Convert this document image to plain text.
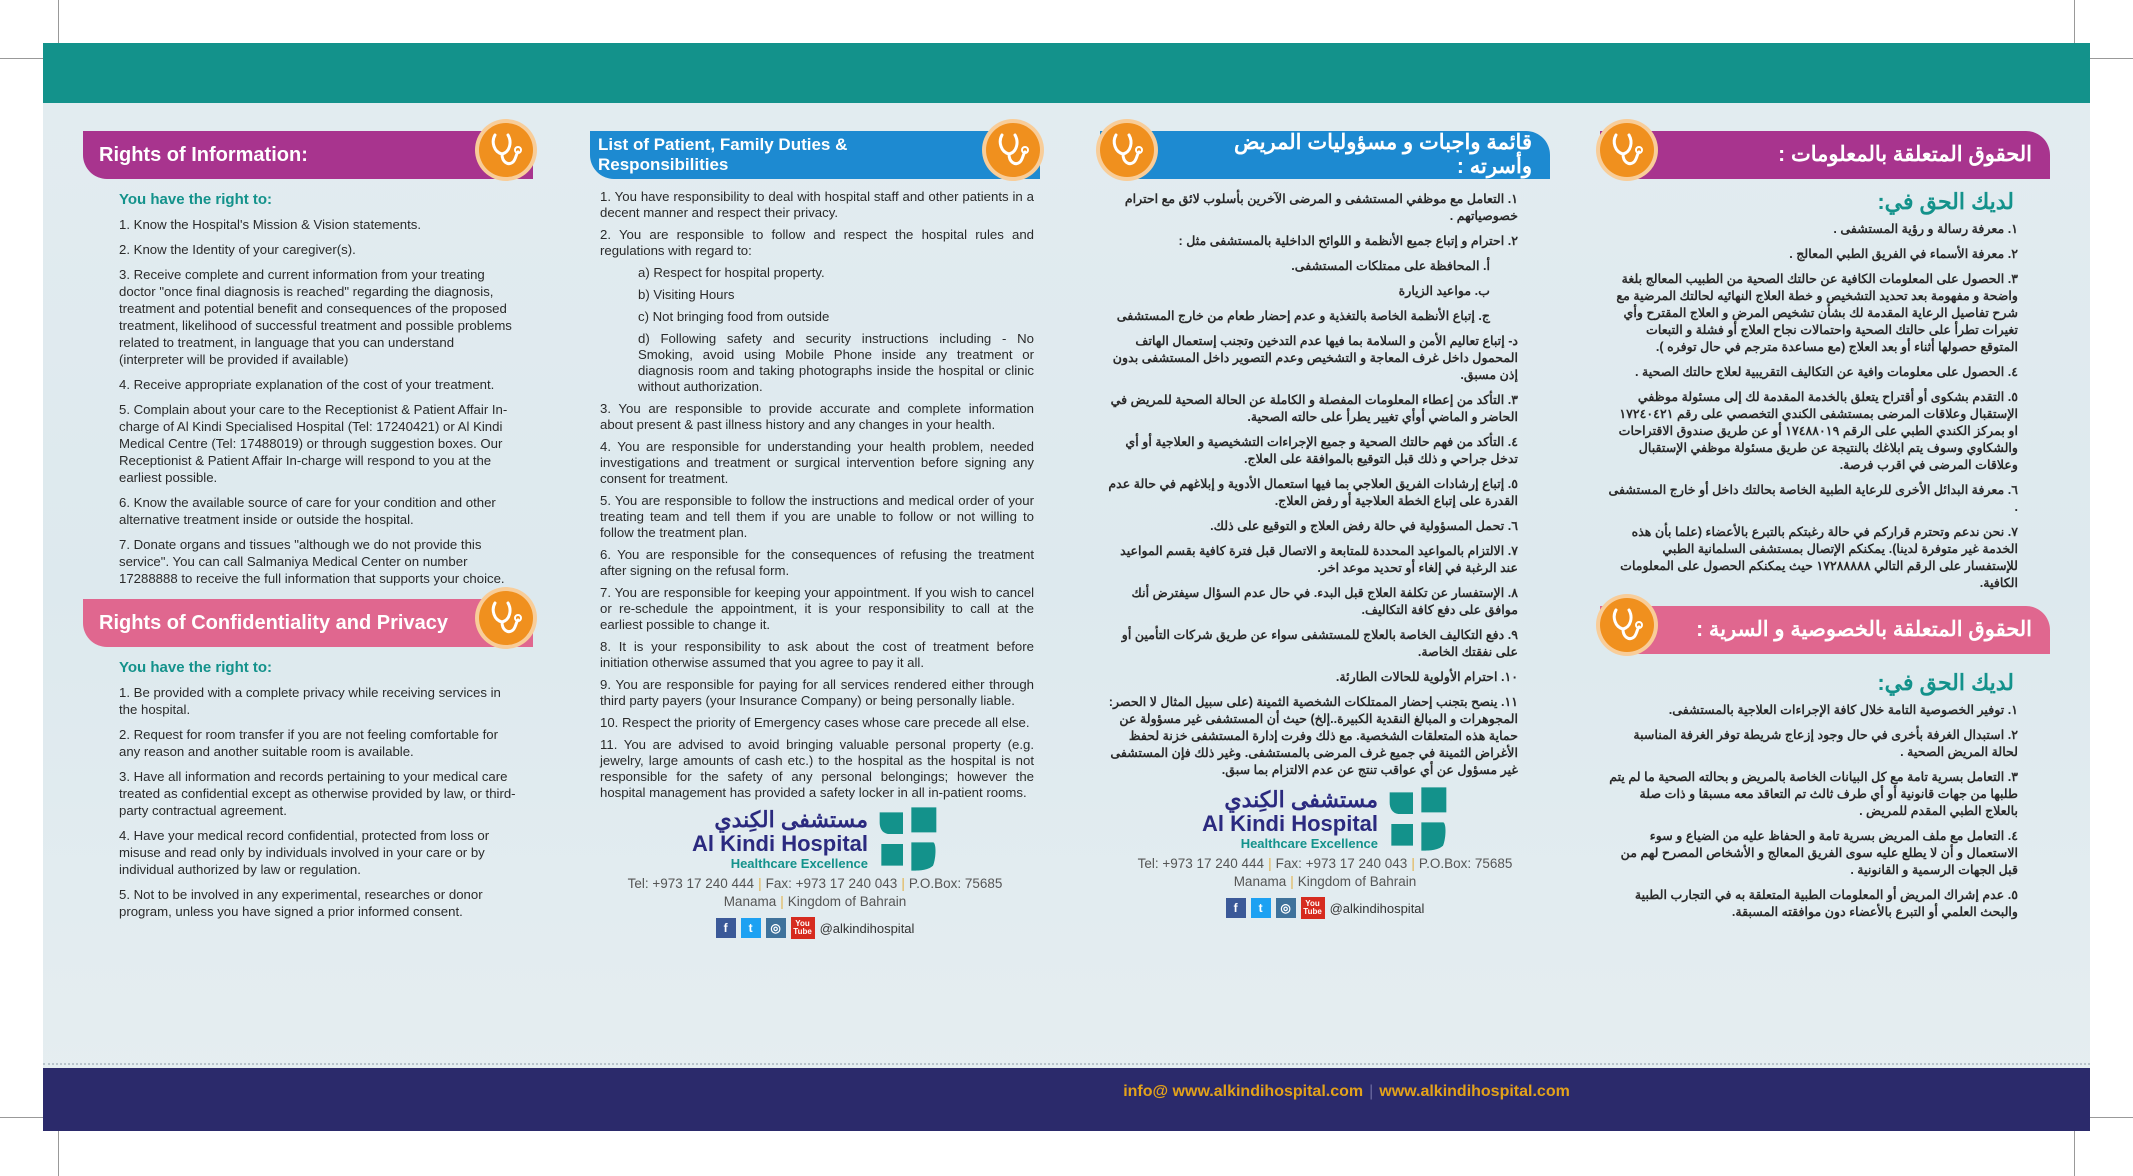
Rights of Information:
You have the right to:

1. Know the Hospital's Mission & Vision statements.

2. Know the Identity of your caregiver(s).

3. Receive complete and current information from your treating doctor "once final diagnosis is reached" regarding the diagnosis, treatment and potential benefit and consequences of the proposed treatment, likelihood of successful treatment and possible problems related to treatment, in language that you can understand (interpreter will be provided if available)

4. Receive appropriate explanation of the cost of your treatment.

5. Complain about your care to the Receptionist & Patient Affair In-charge of Al Kindi Specialised Hospital (Tel: 17240421) or Al Kindi Medical Centre (Tel: 17488019) or through suggestion boxes. Our Receptionist & Patient Affair In-charge will respond to you at the earliest possible.

6. Know the available source of care for your condition and other alternative treatment inside or outside the hospital.

7. Donate organs and tissues "although we do not provide this service". You can call Salmaniya Medical Center on number 17288888 to receive the full information that supports your choice.

Rights of Confidentiality and Privacy
You have the right to:

1. Be provided with a complete privacy while receiving services in the hospital.

2. Request for room transfer if you are not feeling comfortable for any reason and another suitable room is available.

3. Have all information and records pertaining to your medical care treated as confidential except as otherwise provided by law, or third-party contractual agreement.

4. Have your medical record confidential, protected from loss or misuse and read only by individuals involved in your care or by individual authorized by law or regulation.

5. Not to be involved in any experimental, researches or donor program, unless you have signed a prior informed consent.

List of Patient, Family Duties & Responsibilities

1. You have responsibility to deal with hospital staff and other patients in a decent manner and respect their privacy.

2. You are responsible to follow and respect the hospital rules and regulations with regard to:

a) Respect for hospital property.

b) Visiting Hours

c) Not bringing food from outside

d) Following safety and security instructions including - No Smoking, avoid using Mobile Phone inside any treatment or diagnosis room and taking photographs inside the hospital or clinic without authorization.

3. You are responsible to provide accurate and complete information about present & past illness history and any changes in your health.

4. You are responsible for understanding your health problem, needed investigations and treatment or surgical intervention before signing any consent for treatment.

5. You are responsible to follow the instructions and medical order of your treating team and tell them if you are unable to follow or not willing to follow the treatment plan.

6. You are responsible for the consequences of refusing the treatment after signing on the refusal form.

7. You are responsible for keeping your appointment. If you wish to cancel or re-schedule the appointment, it is your responsibility to call at the earliest possible to change it.

8. It is your responsibility to ask about the cost of treatment before initiation otherwise assumed that you agree to pay it all.

9. You are responsible for paying for all services rendered either through third party payers (your Insurance Company) or being personally liable.

10. Respect the priority of Emergency cases whose care precede all else.

11. You are advised to avoid bringing valuable personal property (e.g. jewelry, large amounts of cash etc.) to the hospital as the hospital is not responsible for the safety of any personal belongings; however the hospital management has provided a safety locker in all in-patient rooms.

مستشفى الكِندي
Al Kindi Hospital
Healthcare Excellence
Tel: +973 17 240 444 | Fax: +973 17 240 043 | P.O.Box: 75685
Manama | Kingdom of Bahrain
f	t	◎	You Tube @alkindihospital
قائمة واجبات و مسؤوليات المريض وأسرته :

١. التعامل مع موظفي المستشفى و المرضى الآخرين بأسلوب لائق مع احترام خصوصياتهم .

٢. احترام و إتباع جميع الأنظمة و اللوائح الداخلية بالمستشفى مثل :

أ. المحافظة على ممتلكات المستشفى.

ب. مواعيد الزيارة

ج. إتباع الأنظمة الخاصة بالتغذية و عدم إحضار طعام من خارج المستشفى

د- إتباع تعاليم الأمن و السلامة بما فيها عدم التدخين وتجنب إستعمال الهاتف المحمول داخل غرف المعاجة و التشخيص وعدم التصوير داخل المستشفى بدون إذن مسبق.

٣. التأكد من إعطاء المعلومات المفصلة و الكاملة عن الحالة الصحية للمريض في الحاضر و الماضي أوأي تغيير يطرأ على حالته الصحية.

٤. التأكد من فهم حالتك الصحية و جميع الإجراءات التشخيصية و العلاجية أو أي تدخل جراحي و ذلك قبل التوقيع بالموافقة على العلاج.

٥. إتباع إرشادات الفريق العلاجي بما فيها استعمال الأدوية و إبلاغهم في حالة عدم القدرة على إتباع الخطة العلاجية أو رفض العلاج.

٦. تحمل المسؤولية في حالة رفض العلاج و التوقيع على ذلك.

٧. الالتزام بالمواعيد المحددة للمتابعة و الاتصال قبل فترة كافية بقسم المواعيد عند الرغبة في إلغاء أو تحديد موعد اخر.

٨. الإستفسار عن تكلفة العلاج قبل البدء. في حال عدم السؤال سيفترض أنك موافق على دفع كافة التكاليف.

٩. دفع التكاليف الخاصة بالعلاج للمستشفى سواء عن طريق شركات التأمين أو على نفقتك الخاصة.

١٠. احترام الأولوية للحالات الطارئة.

١١. ينصح بتجنب إحضار الممتلكات الشخصية الثمينة (على سبيل المثال لا الحصر: المجوهرات و المبالغ النقدية الكبيرة..إلخ) حيث أن المستشفى غير مسؤولة عن حماية هذه المتعلقات الشخصية. مع ذلك وفرت إدارة المستشفى خزنة لحفظ الأغراض الثمينة في جميع غرف المرضى بالمستشفى. وغير ذلك فإن المستشفى غير مسؤول عن أي عواقب تنتج عن عدم الالتزام بما سبق.

مستشفى الكِندي
Al Kindi Hospital
Healthcare Excellence
Tel: +973 17 240 444 | Fax: +973 17 240 043 | P.O.Box: 75685
Manama | Kingdom of Bahrain
f	t	◎	You Tube @alkindihospital
الحقوق المتعلقة بالمعلومات :
لديك الحق في:

١. معرفة رسالة و رؤية المستشفى .

٢. معرفة الأسماء في الفريق الطبي المعالج .

٣. الحصول على المعلومات الكافية عن حالتك الصحية من الطبيب المعالج بلغة واضحة و مفهومة بعد تحديد التشخيص و خطة العلاج النهائيه لحالتك المرضية مع شرح تفاصيل الرعاية المقدمة لك بشأن تشخيص المرض و العلاج المقترح وأي تغيرات تطرأ على حالتك الصحية واحتمالات نجاح العلاج أو فشلة و التبعات المتوقع حصولها أثناء أو بعد العلاج (مع مساعدة مترجم في حال توفره ).

٤. الحصول على معلومات وافية عن التكاليف التقريبية لعلاج حالتك الصحية .

٥. التقدم بشكوى أو أقتراح يتعلق بالخدمة المقدمة لك إلى مسئولة موظفي الإستقبال وعلاقات المرضى بمستشفى الكندي التخصصي على رقم ١٧٢٤٠٤٢١ او بمركز الكندي الطبي على الرقم ١٧٤٨٨٠١٩ أو عن طريق صندوق الاقتراحات والشكاوي وسوف يتم ابلاغك بالنتيجة عن طريق مسئولة موظفي الإستقبال وعلاقات المرضى في اقرب فرصة.

٦. معرفة البدائل الأخرى للرعاية الطبية الخاصة بحالتك داخل أو خارج المستشفى .

٧. نحن ندعم وتحترم قراركم في حالة رغبتكم بالتبرع بالأعضاء (علما بأن هذه الخدمة غير متوفرة لدينا). يمكنكم الإتصال بمستشفى السلمانية الطبي للإستفسار على الرقم التالي ١٧٢٨٨٨٨٨ حيث يمكنكم الحصول على المعلومات الكافية.

الحقوق المتعلقة بالخصوصية و السرية :
لديك الحق في:

١. توفير الخصوصية التامة خلال كافة الإجراءات العلاجية بالمستشفى.

٢. استبدال الغرفة بأخرى في حال وجود إزعاج شريطة توفر الغرفة المناسبة لحالة المريض الصحية .

٣. التعامل بسرية تامة مع كل البيانات الخاصة بالمريض و بحالته الصحية ما لم يتم طلبها من جهات قانونية أو أي طرف ثالث تم التعاقد معه مسبقا و ذات صلة بالعلاج الطبي المقدم للمريض .

٤. التعامل مع ملف المريض بسرية تامة و الحفاظ عليه من الضياع و سوء الاستعمال و أن لا يطلع عليه سوى الفريق المعالج و الأشخاص المصرح لهم من قبل الجهات الرسمية و القانونية .

٥. عدم إشراك المريض أو المعلومات الطبية المتعلقة به في التجارب الطبية والبحث العلمي أو التبرع بالأعضاء دون موافقته المسبقة.

info@ www.alkindihospital.com | www.alkindihospital.com
